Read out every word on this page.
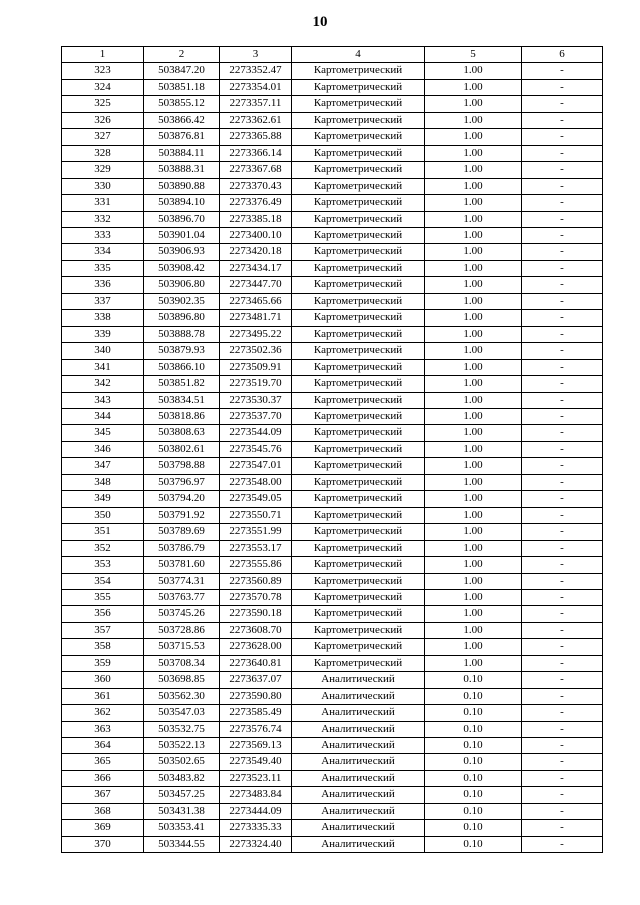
10
1	2	3	4	5	6
323	503847.20	2273352.47	Картометрический	1.00	-
324	503851.18	2273354.01	Картометрический	1.00	-
325	503855.12	2273357.11	Картометрический	1.00	-
326	503866.42	2273362.61	Картометрический	1.00	-
327	503876.81	2273365.88	Картометрический	1.00	-
328	503884.11	2273366.14	Картометрический	1.00	-
329	503888.31	2273367.68	Картометрический	1.00	-
330	503890.88	2273370.43	Картометрический	1.00	-
331	503894.10	2273376.49	Картометрический	1.00	-
332	503896.70	2273385.18	Картометрический	1.00	-
333	503901.04	2273400.10	Картометрический	1.00	-
334	503906.93	2273420.18	Картометрический	1.00	-
335	503908.42	2273434.17	Картометрический	1.00	-
336	503906.80	2273447.70	Картометрический	1.00	-
337	503902.35	2273465.66	Картометрический	1.00	-
338	503896.80	2273481.71	Картометрический	1.00	-
339	503888.78	2273495.22	Картометрический	1.00	-
340	503879.93	2273502.36	Картометрический	1.00	-
341	503866.10	2273509.91	Картометрический	1.00	-
342	503851.82	2273519.70	Картометрический	1.00	-
343	503834.51	2273530.37	Картометрический	1.00	-
344	503818.86	2273537.70	Картометрический	1.00	-
345	503808.63	2273544.09	Картометрический	1.00	-
346	503802.61	2273545.76	Картометрический	1.00	-
347	503798.88	2273547.01	Картометрический	1.00	-
348	503796.97	2273548.00	Картометрический	1.00	-
349	503794.20	2273549.05	Картометрический	1.00	-
350	503791.92	2273550.71	Картометрический	1.00	-
351	503789.69	2273551.99	Картометрический	1.00	-
352	503786.79	2273553.17	Картометрический	1.00	-
353	503781.60	2273555.86	Картометрический	1.00	-
354	503774.31	2273560.89	Картометрический	1.00	-
355	503763.77	2273570.78	Картометрический	1.00	-
356	503745.26	2273590.18	Картометрический	1.00	-
357	503728.86	2273608.70	Картометрический	1.00	-
358	503715.53	2273628.00	Картометрический	1.00	-
359	503708.34	2273640.81	Картометрический	1.00	-
360	503698.85	2273637.07	Аналитический	0.10	-
361	503562.30	2273590.80	Аналитический	0.10	-
362	503547.03	2273585.49	Аналитический	0.10	-
363	503532.75	2273576.74	Аналитический	0.10	-
364	503522.13	2273569.13	Аналитический	0.10	-
365	503502.65	2273549.40	Аналитический	0.10	-
366	503483.82	2273523.11	Аналитический	0.10	-
367	503457.25	2273483.84	Аналитический	0.10	-
368	503431.38	2273444.09	Аналитический	0.10	-
369	503353.41	2273335.33	Аналитический	0.10	-
370	503344.55	2273324.40	Аналитический	0.10	-
